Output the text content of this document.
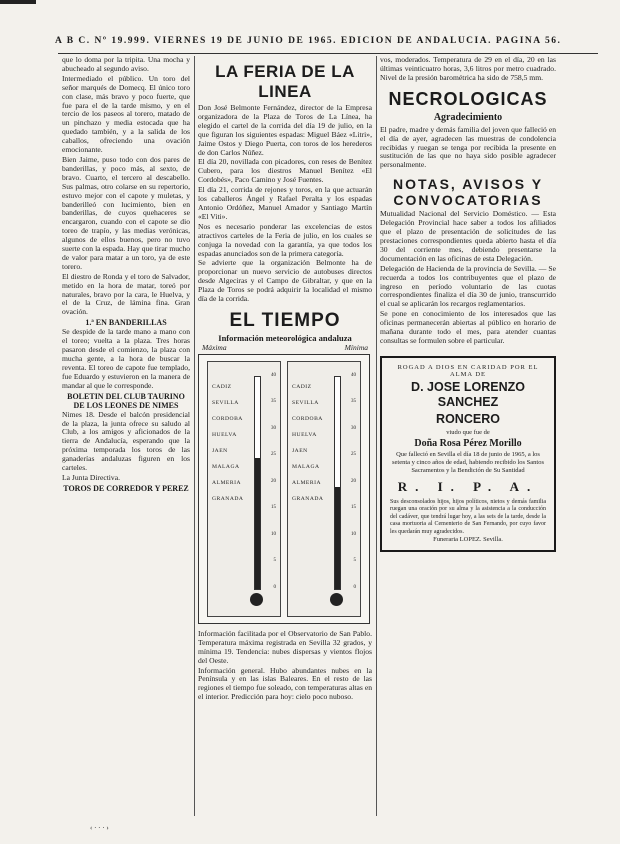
A B C. Nº 19.999. VIERNES 19 DE JUNIO DE 1965. EDICION DE ANDALUCIA. PAGINA 56.

que lo doma por la tripita. Una mocha y abucheado al segundo aviso.

Intermediado el público. Un toro del señor marqués de Domecq. El único toro con clase, más bravo y poco fuerte, que fue para el de la tarde mismo, y en el tercio de los paseos al torero, matado de un pinchazo y media estocada que ha quedado también, y a la salida de los caballos, ofreciendo una ovación emocionante.

Bien Jaime, puso todo con dos pares de banderillas, y poco más, al sexto, de bravo. Cuarto, el tercero al descabello. Sus palmas, otro colarse en su repertorio, estuvo mejor con el capote y muletas, y banderilleó con lucimiento, bien en banderillas, de cuyos quehaceres se encargaron, cuando con el capote se dio toreo de trapío, y las medias verónicas, algunos de ellos buenos, pero no tuvo suerte con la espada. Hay que tirar mucho de valor para matar a un toro, ya de este torero.

El diestro de Ronda y el toro de Salvador, metido en la hora de matar, toreó por naturales, bravo por la cara, le Huelva, y el de la Cruz, de lámina fina. Gran ovación.

1.ª EN BANDERILLAS

Se despide de la tarde mano a mano con el toreo; vuelta a la plaza. Tres horas pasaron desde el comienzo, la plaza con mucha gente, a la hora de buscar la reventa. El toreo de capote fue templado, fue Eduardo y estuvieron en la manera de mandar al que le corresponde.

BOLETIN DEL CLUB TAURINO DE LOS LEONES DE NIMES

Nimes 18. Desde el balcón presidencial de la plaza, la junta ofrece su saludo al Club, a los amigos y aficionados de la tierra de Andalucía, esperando que la próxima temporada los toros de las ganaderías andaluzas figuren en los carteles.

La Junta Directiva.

TOROS DE CORREDOR Y PEREZ
LA FERIA DE LA LINEA

Don José Belmonte Fernández, director de la Empresa organizadora de la Plaza de Toros de La Línea, ha elegido el cartel de la corrida del día 19 de julio, en la que figuran los siguientes espadas: Miguel Báez «Litri», Jaime Ostos y Diego Puerta, con toros de los herederos de don Carlos Núñez.

El día 20, novillada con picadores, con reses de Benítez Cubero, para los diestros Manuel Benítez «El Cordobés», Paco Camino y José Fuentes.

El día 21, corrida de rejones y toros, en la que actuarán los caballeros Ángel y Rafael Peralta y los espadas Antonio Ordóñez, Manuel Amador y Santiago Martín «El Viti».

Nos es necesario ponderar las excelencias de estos atractivos carteles de la Feria de julio, en los cuales se conjuga la novedad con la garantía, ya que todos los espadas anunciados son de la primera categoría.

Se advierte que la organización Belmonte ha de proporcionar un nuevo servicio de autobuses directos desde Algeciras y el Campo de Gibraltar, y que en la Plaza de Toros se podrá adquirir la localidad el mismo día de la corrida.

EL TIEMPO
Información meteorológica andaluza
Máxima	Mínima
CADIZ
SEVILLA
CORDOBA
HUELVA
JAEN
MALAGA
ALMERIA
GRANADA
40
35
30
25
20
15
10
5
0
CADIZ
SEVILLA
CORDOBA
HUELVA
JAEN
MALAGA
ALMERIA
GRANADA
40
35
30
25
20
15
10
5
0

Información facilitada por el Observatorio de San Pablo. Temperatura máxima registrada en Sevilla 32 grados, y mínima 19. Tendencia: nubes dispersas y vientos flojos del Oeste.

Información general. Hubo abundantes nubes en la Península y en las islas Baleares. En el resto de las regiones el tiempo fue soleado, con temperaturas altas en el interior. Predicción para hoy: cielo poco nuboso.

vos, moderados. Temperatura de 29 en el día, 20 en las últimas veinticuatro horas, 3,6 litros por metro cuadrado. Nivel de la presión barométrica ha sido de 758,5 mm.

NECROLOGICAS
Agradecimiento

El padre, madre y demás familia del joven que falleció en el día de ayer, agradecen las muestras de condolencia recibidas y ruegan se tenga por recibida la presente en sustitución de las que no haya sido posible agradecer personalmente.

NOTAS, AVISOS Y CONVOCATORIAS

Mutualidad Nacional del Servicio Doméstico. — Esta Delegación Provincial hace saber a todos los afiliados que el plazo de presentación de solicitudes de las prestaciones correspondientes queda abierto hasta el día 30 del corriente mes, debiendo presentarse la documentación en las oficinas de esta Delegación.

Delegación de Hacienda de la provincia de Sevilla. — Se recuerda a todos los contribuyentes que el plazo de ingreso en período voluntario de las cuotas correspondientes finaliza el día 30 de junio, transcurrido el cual se aplicarán los recargos reglamentarios.

Se pone en conocimiento de los interesados que las oficinas permanecerán abiertas al público en horario de mañana durante todo el mes, para atender cuantas consultas se formulen sobre el particular.

ROGAD A DIOS EN CARIDAD POR EL ALMA DE
D. JOSE LORENZO SANCHEZ
RONCERO
viudo que fue de
Doña Rosa Pérez Morillo
Que falleció en Sevilla el día 18 de junio de 1965, a los setenta y cinco años de edad, habiendo recibido los Santos Sacramentos y la Bendición de Su Santidad
R. I. P. A.
Sus desconsolados hijos, hijos políticos, nietos y demás familia ruegan una oración por su alma y la asistencia a la conducción del cadáver, que tendrá lugar hoy, a las seis de la tarde, desde la casa mortuoria al Cementerio de San Fernando, por cuyo favor les quedarán muy agradecidos.
Funeraria LOPEZ. Sevilla.
‹ · · · ›
